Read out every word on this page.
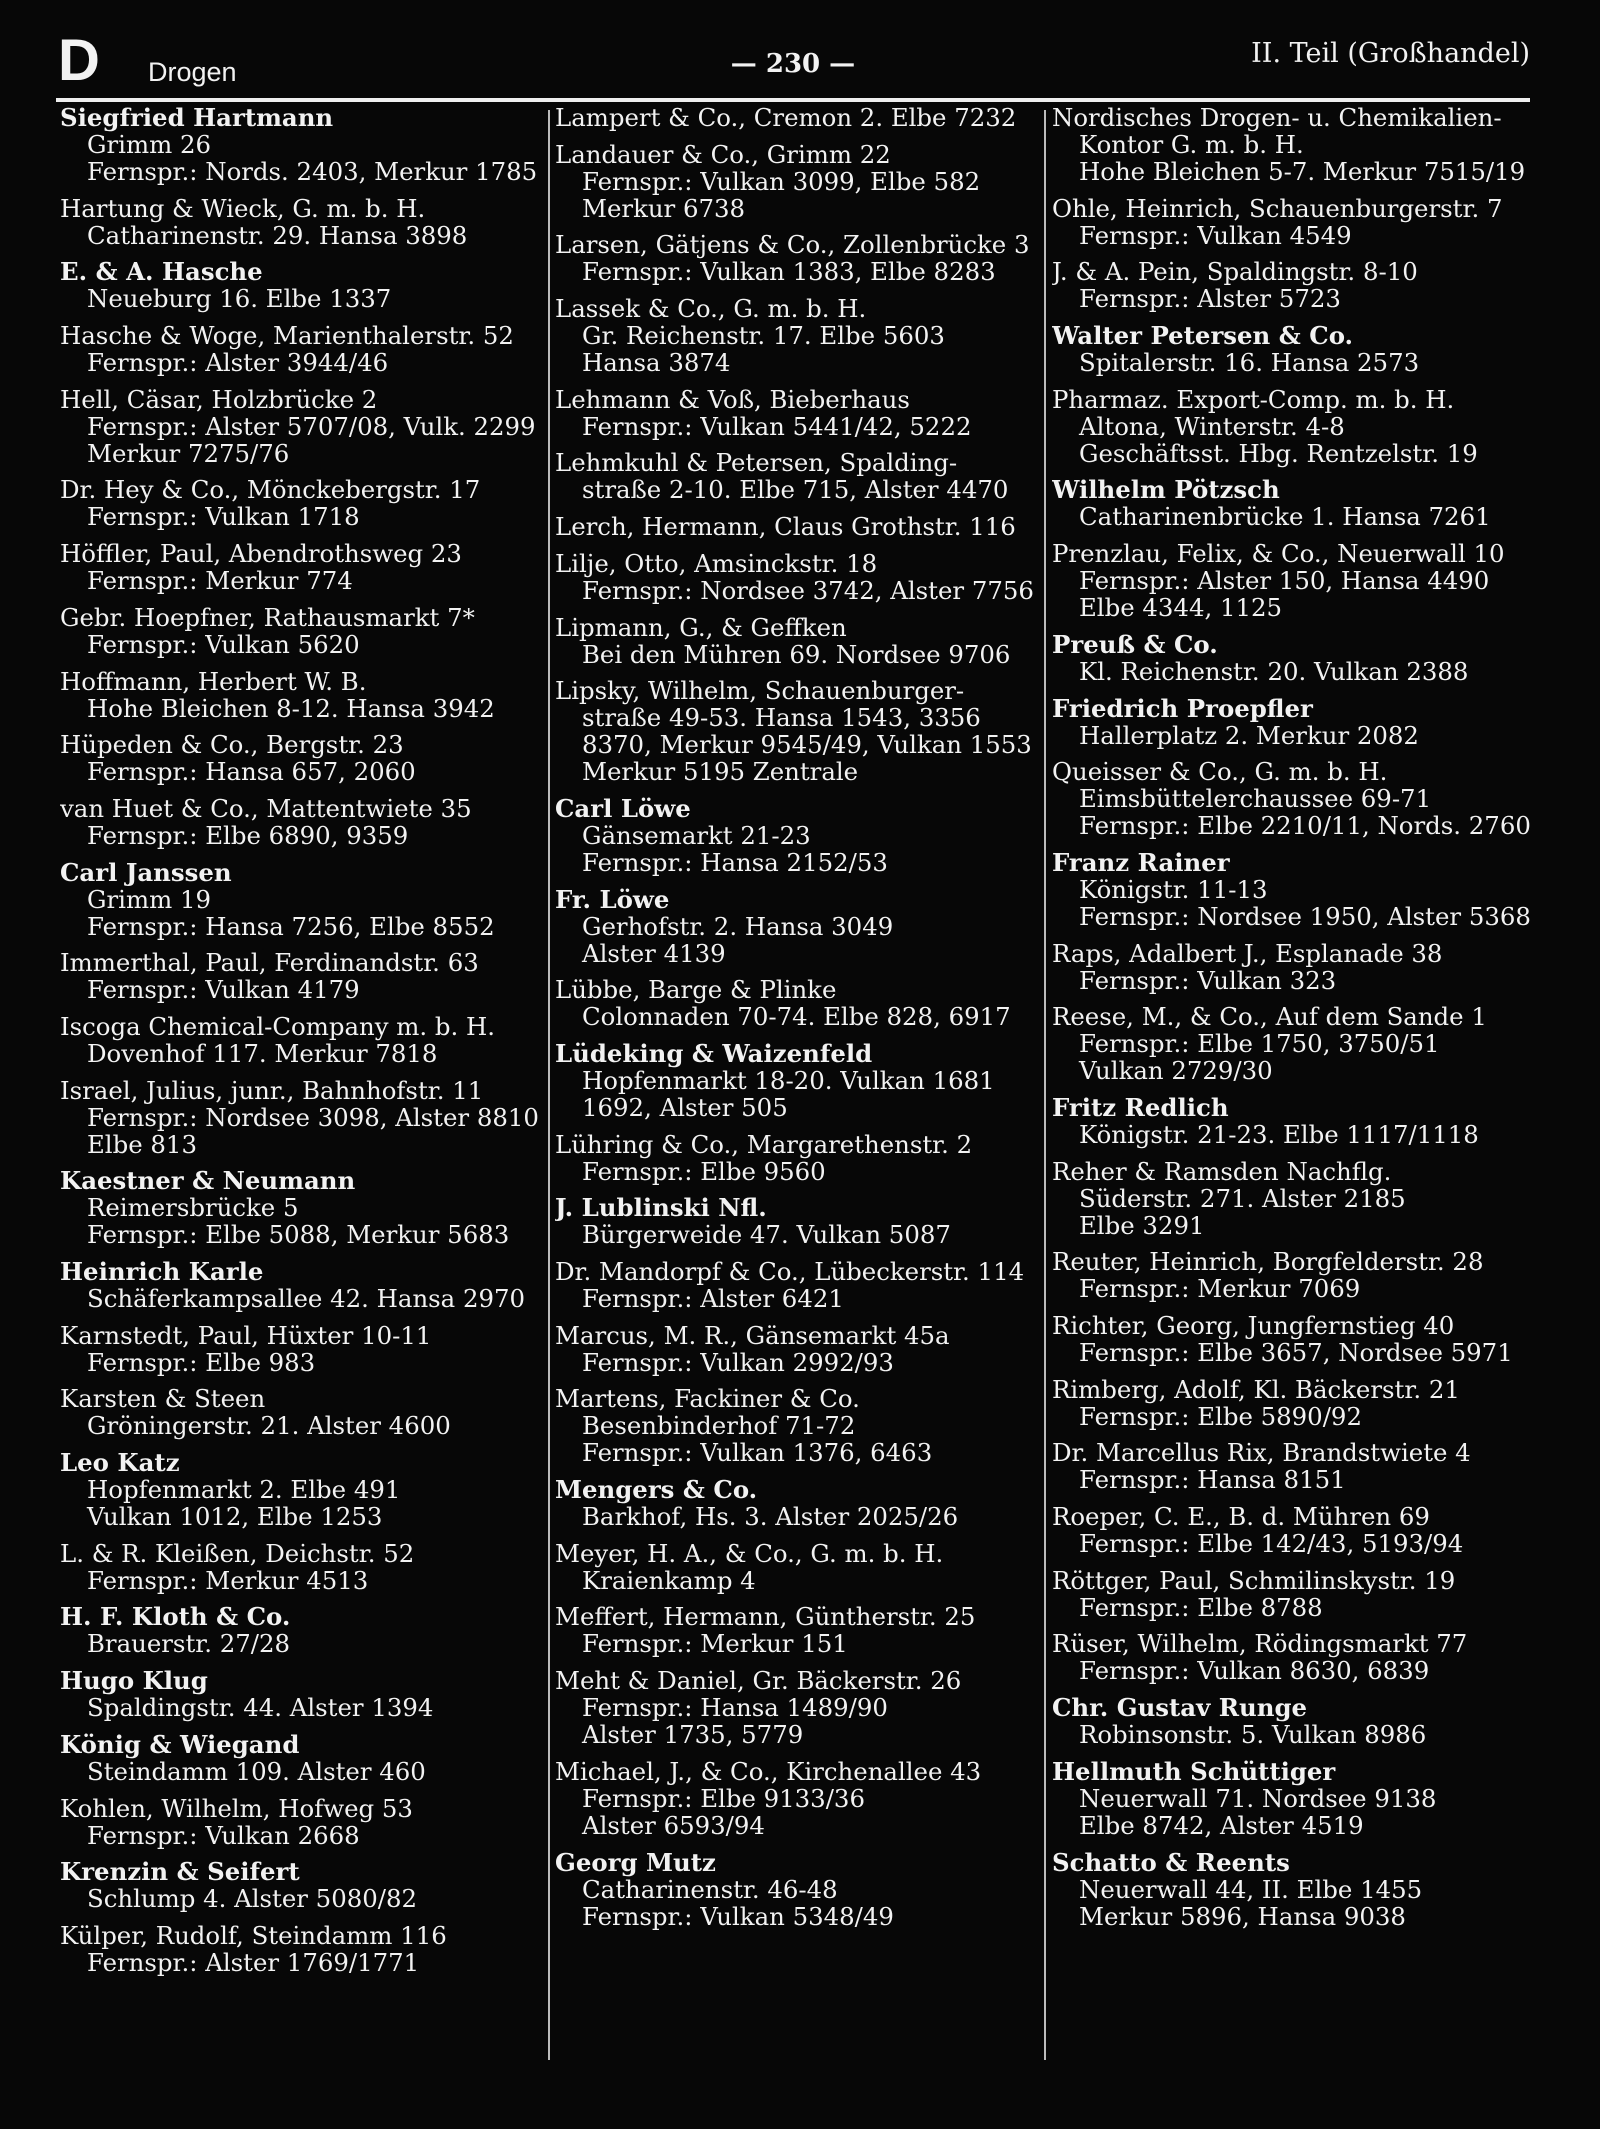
D Drogen	— 230 —	II. Teil (Großhandel)
Siegfried Hartmann
Grimm 26
Fernspr.: Nords. 2403, Merkur 1785
Hartung & Wieck, G. m. b. H.
Catharinenstr. 29. Hansa 3898
E. & A. Hasche
Neueburg 16. Elbe 1337
Hasche & Woge, Marienthalerstr. 52
Fernspr.: Alster 3944/46
Hell, Cäsar, Holzbrücke 2
Fernspr.: Alster 5707/08, Vulk. 2299
Merkur 7275/76
Dr. Hey & Co., Mönckebergstr. 17
Fernspr.: Vulkan 1718
Höffler, Paul, Abendrothsweg 23
Fernspr.: Merkur 774
Gebr. Hoepfner, Rathausmarkt 7*
Fernspr.: Vulkan 5620
Hoffmann, Herbert W. B.
Hohe Bleichen 8-12. Hansa 3942
Hüpeden & Co., Bergstr. 23
Fernspr.: Hansa 657, 2060
van Huet & Co., Mattentwiete 35
Fernspr.: Elbe 6890, 9359
Carl Janssen
Grimm 19
Fernspr.: Hansa 7256, Elbe 8552
Immerthal, Paul, Ferdinandstr. 63
Fernspr.: Vulkan 4179
Iscoga Chemical-Company m. b. H.
Dovenhof 117. Merkur 7818
Israel, Julius, junr., Bahnhofstr. 11
Fernspr.: Nordsee 3098, Alster 8810
Elbe 813
Kaestner & Neumann
Reimersbrücke 5
Fernspr.: Elbe 5088, Merkur 5683
Heinrich Karle
Schäferkampsallee 42. Hansa 2970
Karnstedt, Paul, Hüxter 10-11
Fernspr.: Elbe 983
Karsten & Steen
Gröningerstr. 21. Alster 4600
Leo Katz
Hopfenmarkt 2. Elbe 491
Vulkan 1012, Elbe 1253
L. & R. Kleißen, Deichstr. 52
Fernspr.: Merkur 4513
H. F. Kloth & Co.
Brauerstr. 27/28
Hugo Klug
Spaldingstr. 44. Alster 1394
König & Wiegand
Steindamm 109. Alster 460
Kohlen, Wilhelm, Hofweg 53
Fernspr.: Vulkan 2668
Krenzin & Seifert
Schlump 4. Alster 5080/82
Külper, Rudolf, Steindamm 116
Fernspr.: Alster 1769/1771
Lampert & Co., Cremon 2. Elbe 7232
Landauer & Co., Grimm 22
Fernspr.: Vulkan 3099, Elbe 582
Merkur 6738
Larsen, Gätjens & Co., Zollenbrücke 3
Fernspr.: Vulkan 1383, Elbe 8283
Lassek & Co., G. m. b. H.
Gr. Reichenstr. 17. Elbe 5603
Hansa 3874
Lehmann & Voß, Bieberhaus
Fernspr.: Vulkan 5441/42, 5222
Lehmkuhl & Petersen, Spalding-
straße 2-10. Elbe 715, Alster 4470
Lerch, Hermann, Claus Grothstr. 116
Lilje, Otto, Amsinckstr. 18
Fernspr.: Nordsee 3742, Alster 7756
Lipmann, G., & Geffken
Bei den Mühren 69. Nordsee 9706
Lipsky, Wilhelm, Schauenburger-
straße 49-53. Hansa 1543, 3356
8370, Merkur 9545/49, Vulkan 1553
Merkur 5195 Zentrale
Carl Löwe
Gänsemarkt 21-23
Fernspr.: Hansa 2152/53
Fr. Löwe
Gerhofstr. 2. Hansa 3049
Alster 4139
Lübbe, Barge & Plinke
Colonnaden 70-74. Elbe 828, 6917
Lüdeking & Waizenfeld
Hopfenmarkt 18-20. Vulkan 1681
1692, Alster 505
Lühring & Co., Margarethenstr. 2
Fernspr.: Elbe 9560
J. Lublinski Nfl.
Bürgerweide 47. Vulkan 5087
Dr. Mandorpf & Co., Lübeckerstr. 114
Fernspr.: Alster 6421
Marcus, M. R., Gänsemarkt 45a
Fernspr.: Vulkan 2992/93
Martens, Fackiner & Co.
Besenbinderhof 71-72
Fernspr.: Vulkan 1376, 6463
Mengers & Co.
Barkhof, Hs. 3. Alster 2025/26
Meyer, H. A., & Co., G. m. b. H.
Kraienkamp 4
Meffert, Hermann, Güntherstr. 25
Fernspr.: Merkur 151
Meht & Daniel, Gr. Bäckerstr. 26
Fernspr.: Hansa 1489/90
Alster 1735, 5779
Michael, J., & Co., Kirchenallee 43
Fernspr.: Elbe 9133/36
Alster 6593/94
Georg Mutz
Catharinenstr. 46-48
Fernspr.: Vulkan 5348/49
Nordisches Drogen- u. Chemikalien-
Kontor G. m. b. H.
Hohe Bleichen 5-7. Merkur 7515/19
Ohle, Heinrich, Schauenburgerstr. 7
Fernspr.: Vulkan 4549
J. & A. Pein, Spaldingstr. 8-10
Fernspr.: Alster 5723
Walter Petersen & Co.
Spitalerstr. 16. Hansa 2573
Pharmaz. Export-Comp. m. b. H.
Altona, Winterstr. 4-8
Geschäftsst. Hbg. Rentzelstr. 19
Wilhelm Pötzsch
Catharinenbrücke 1. Hansa 7261
Prenzlau, Felix, & Co., Neuerwall 10
Fernspr.: Alster 150, Hansa 4490
Elbe 4344, 1125
Preuß & Co.
Kl. Reichenstr. 20. Vulkan 2388
Friedrich Proepfler
Hallerplatz 2. Merkur 2082
Queisser & Co., G. m. b. H.
Eimsbüttelerchaussee 69-71
Fernspr.: Elbe 2210/11, Nords. 2760
Franz Rainer
Königstr. 11-13
Fernspr.: Nordsee 1950, Alster 5368
Raps, Adalbert J., Esplanade 38
Fernspr.: Vulkan 323
Reese, M., & Co., Auf dem Sande 1
Fernspr.: Elbe 1750, 3750/51
Vulkan 2729/30
Fritz Redlich
Königstr. 21-23. Elbe 1117/1118
Reher & Ramsden Nachflg.
Süderstr. 271. Alster 2185
Elbe 3291
Reuter, Heinrich, Borgfelderstr. 28
Fernspr.: Merkur 7069
Richter, Georg, Jungfernstieg 40
Fernspr.: Elbe 3657, Nordsee 5971
Rimberg, Adolf, Kl. Bäckerstr. 21
Fernspr.: Elbe 5890/92
Dr. Marcellus Rix, Brandstwiete 4
Fernspr.: Hansa 8151
Roeper, C. E., B. d. Mühren 69
Fernspr.: Elbe 142/43, 5193/94
Röttger, Paul, Schmilinskystr. 19
Fernspr.: Elbe 8788
Rüser, Wilhelm, Rödingsmarkt 77
Fernspr.: Vulkan 8630, 6839
Chr. Gustav Runge
Robinsonstr. 5. Vulkan 8986
Hellmuth Schüttiger
Neuerwall 71. Nordsee 9138
Elbe 8742, Alster 4519
Schatto & Reents
Neuerwall 44, II. Elbe 1455
Merkur 5896, Hansa 9038
